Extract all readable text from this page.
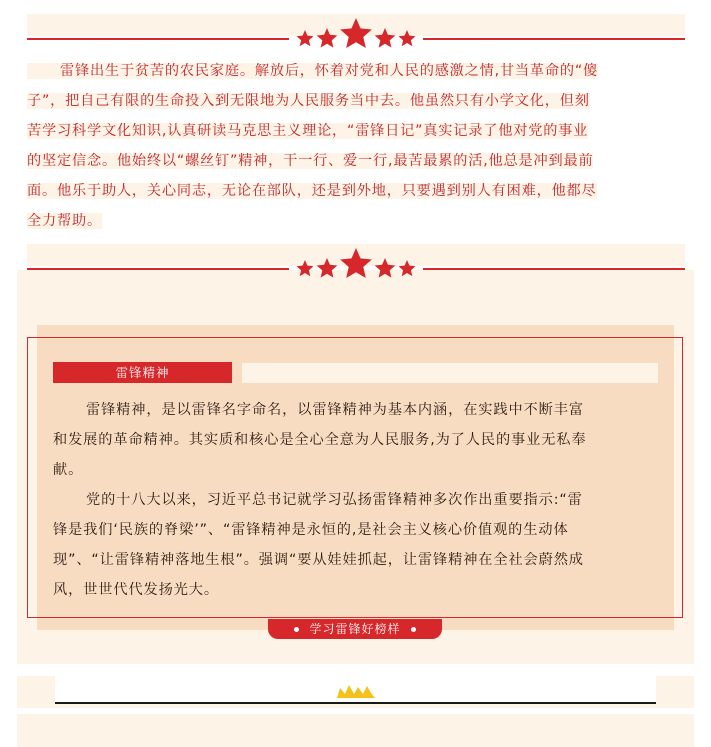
雷锋出生于贫苦的农民家庭。解放后，怀着对党和人民的感激之情,甘当革命的“傻
子”，把自己有限的生命投入到无限地为人民服务当中去。他虽然只有小学文化，但刻
苦学习科学文化知识,认真研读马克思主义理论，“雷锋日记”真实记录了他对党的事业
的坚定信念。他始终以“螺丝钉”精神，干一行、爱一行,最苦最累的活,他总是冲到最前
面。他乐于助人，关心同志，无论在部队，还是到外地，只要遇到别人有困难，他都尽
全力帮助。
雷锋精神

雷锋精神，是以雷锋名字命名，以雷锋精神为基本内涵，在实践中不断丰富
和发展的革命精神。其实质和核心是全心全意为人民服务,为了人民的事业无私奉
献。

党的十八大以来，习近平总书记就学习弘扬雷锋精神多次作出重要指示:“雷
锋是我们‘民族的脊梁’”、“雷锋精神是永恒的,是社会主义核心价值观的生动体
现”、“让雷锋精神落地生根”。强调“要从娃娃抓起，让雷锋精神在全社会蔚然成
风，世世代代发扬光大。

学习雷锋好榜样
